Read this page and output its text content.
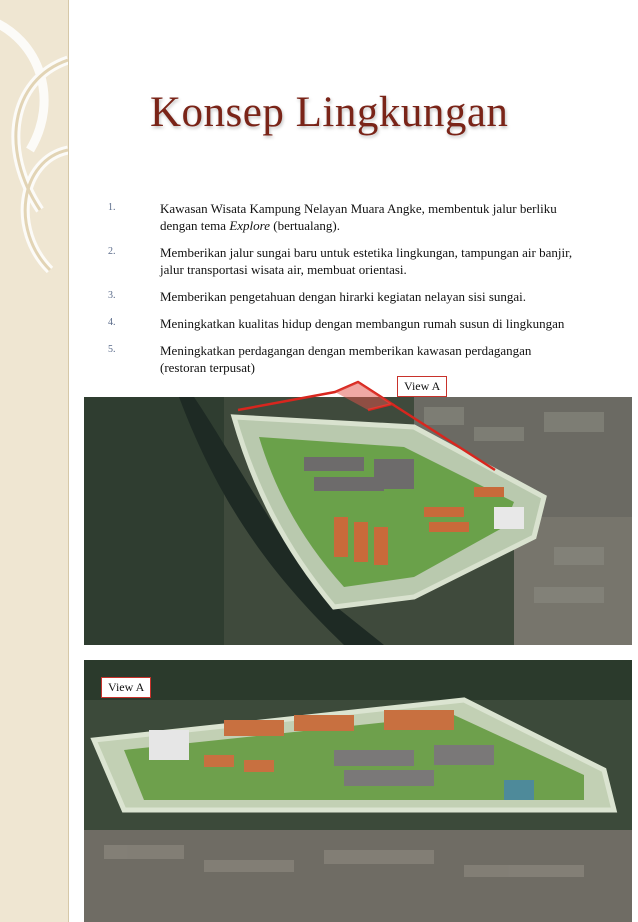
Konsep Lingkungan
1.	Kawasan Wisata Kampung Nelayan Muara Angke, membentuk jalur berliku
dengan tema Explore (bertualang).
2.	Memberikan jalur sungai baru untuk estetika lingkungan, tampungan air banjir,
jalur transportasi wisata air, membuat orientasi.
3.	Memberikan pengetahuan dengan hirarki kegiatan nelayan sisi sungai.
4.	Meningkatkan kualitas hidup dengan membangun rumah susun di lingkungan
5.	Meningkatkan perdagangan dengan memberikan kawasan perdagangan
(restoran terpusat)
View A
View A
